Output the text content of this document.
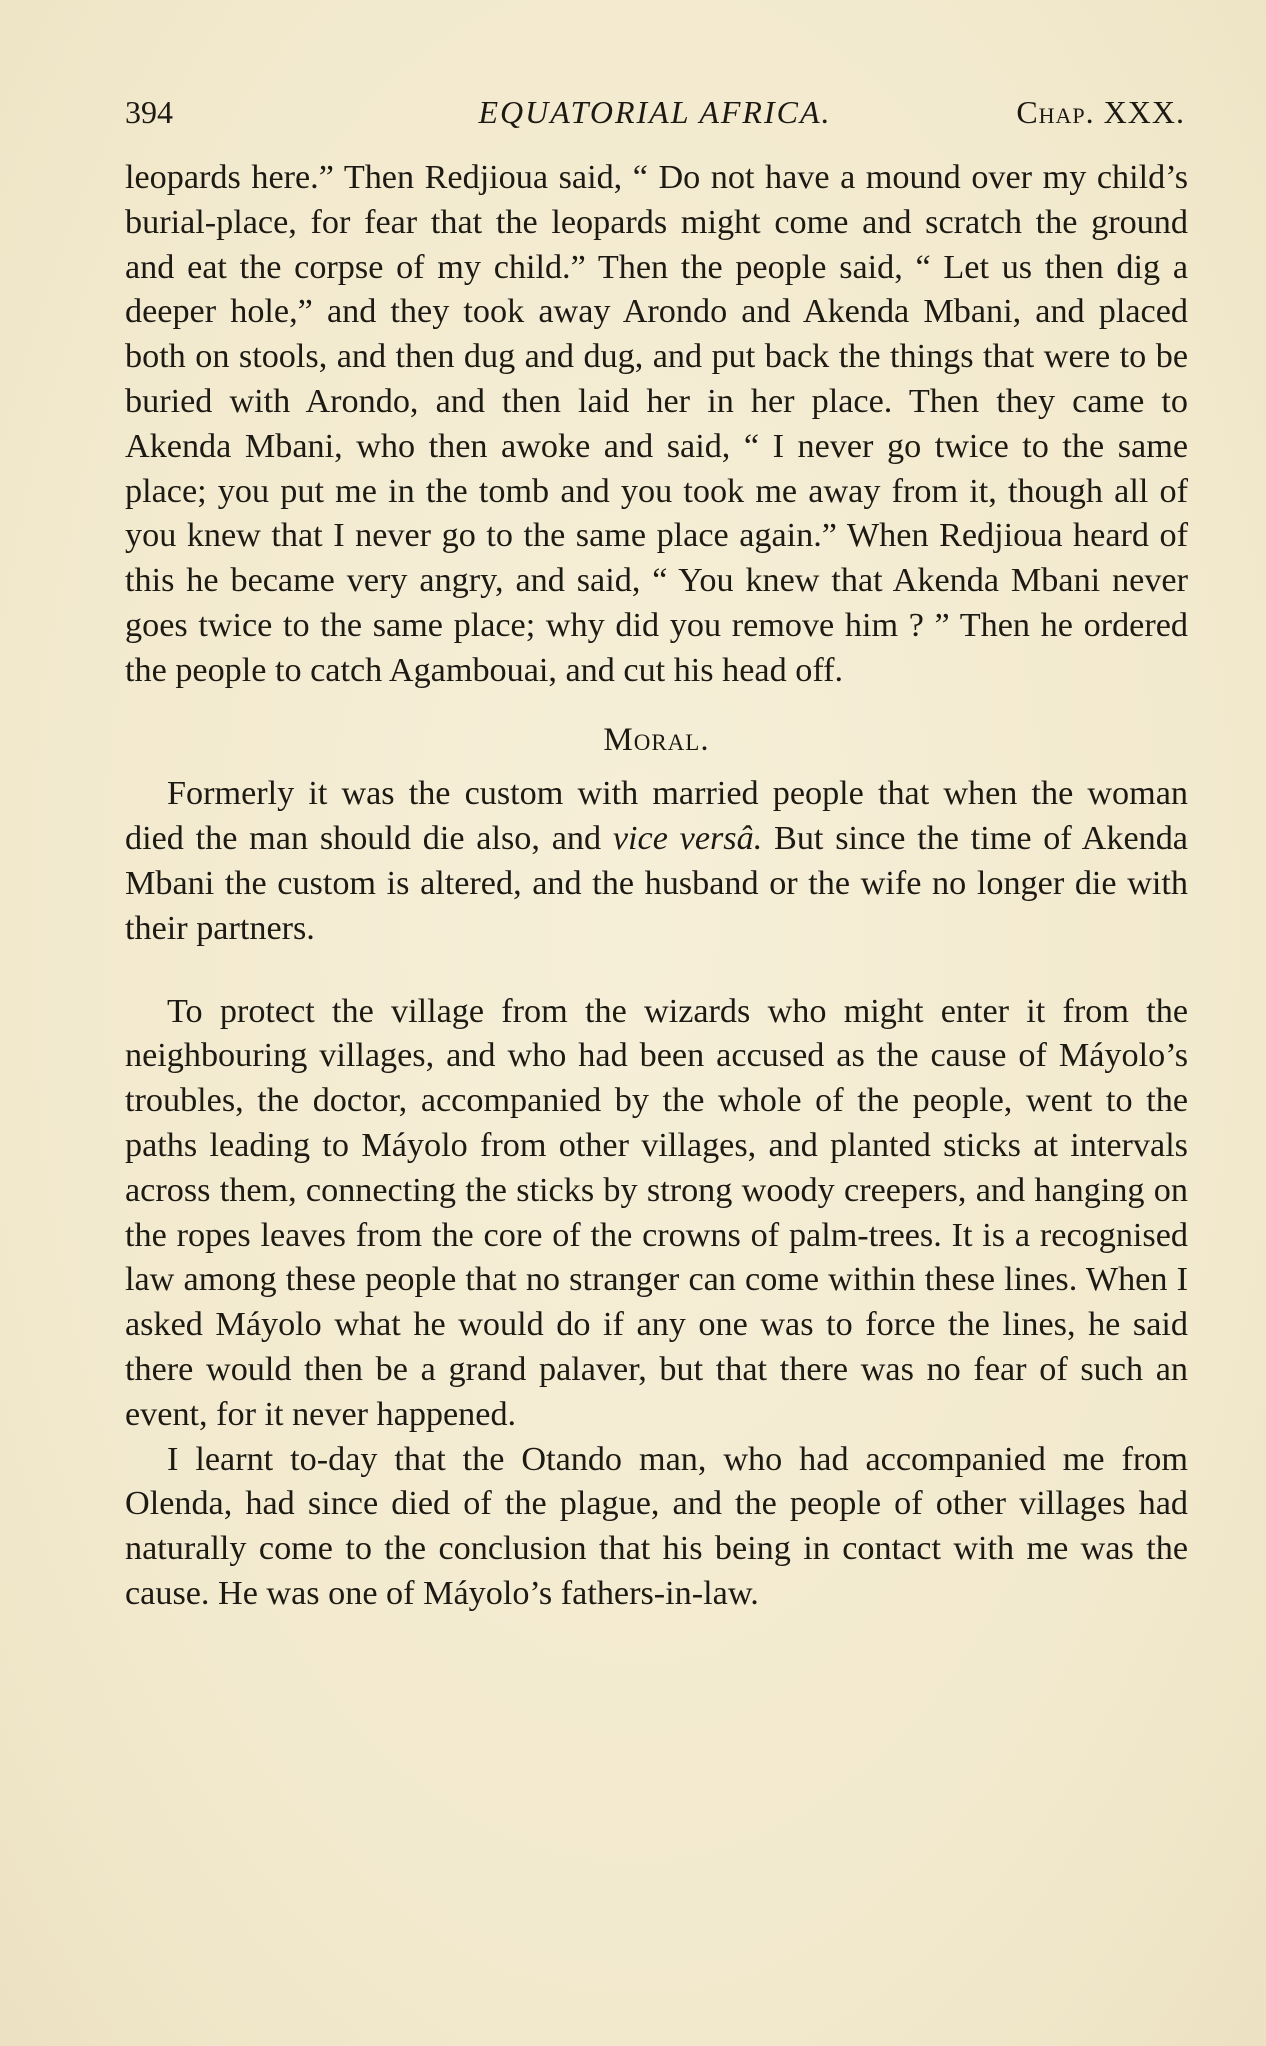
394	EQUATORIAL AFRICA.	Chap. XXX.

leopards here.” Then Redjioua said, “ Do not have a mound over my child’s burial-place, for fear that the leopards might come and scratch the ground and eat the corpse of my child.” Then the people said, “ Let us then dig a deeper hole,” and they took away Arondo and Akenda Mbani, and placed both on stools, and then dug and dug, and put back the things that were to be buried with Arondo, and then laid her in her place. Then they came to Akenda Mbani, who then awoke and said, “ I never go twice to the same place; you put me in the tomb and you took me away from it, though all of you knew that I never go to the same place again.” When Redjioua heard of this he became very angry, and said, “ You knew that Akenda Mbani never goes twice to the same place; why did you remove him ? ” Then he ordered the people to catch Agambouai, and cut his head off.

Moral.

Formerly it was the custom with married people that when the woman died the man should die also, and vice versâ. But since the time of Akenda Mbani the custom is altered, and the husband or the wife no longer die with their partners.

To protect the village from the wizards who might enter it from the neighbouring villages, and who had been accused as the cause of Máyolo’s troubles, the doctor, accompanied by the whole of the people, went to the paths leading to Máyolo from other villages, and planted sticks at intervals across them, connecting the sticks by strong woody creepers, and hanging on the ropes leaves from the core of the crowns of palm-trees. It is a recognised law among these people that no stranger can come within these lines. When I asked Máyolo what he would do if any one was to force the lines, he said there would then be a grand palaver, but that there was no fear of such an event, for it never happened.

I learnt to-day that the Otando man, who had accompanied me from Olenda, had since died of the plague, and the people of other villages had naturally come to the conclusion that his being in contact with me was the cause. He was one of Máyolo’s fathers-in-law.
